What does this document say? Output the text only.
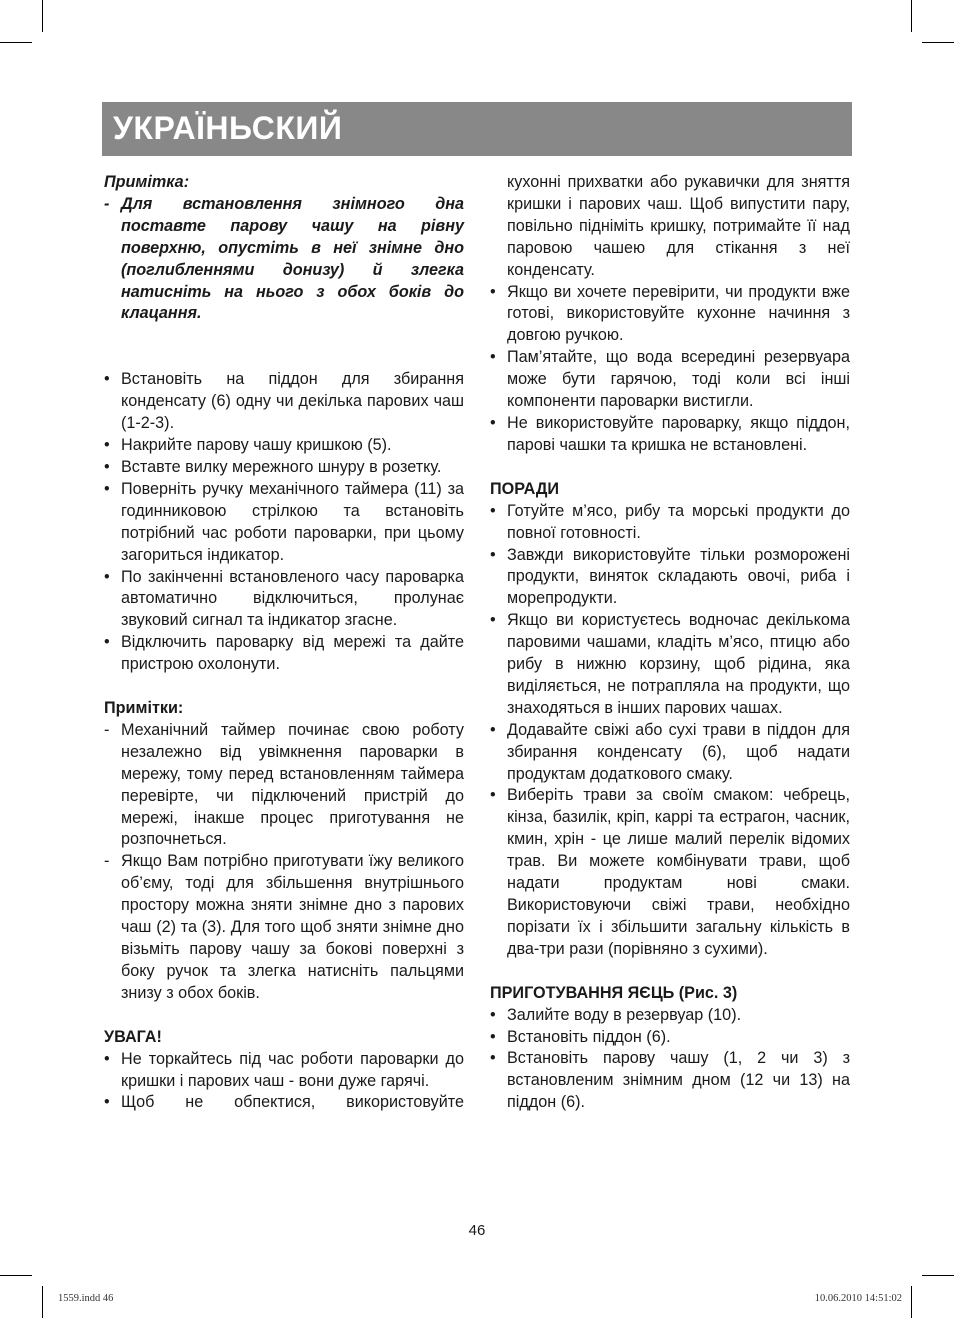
УКРАЇНЬСКИЙ

Примітка:

- Для встановлення знімного дна поставте парову чашу на рівну поверхню, опустіть в неї знімне дно (поглибленнями донизу) й злегка натисніть на нього з обох боків до клацання.
• Встановіть на піддон для збирання конденсату (6) одну чи декілька парових чаш (1-2-3).
• Накрийте парову чашу кришкою (5).
• Вставте вилку мережного шнуру в розетку.
• Поверніть ручку механічного таймера (11) за годинниковою стрілкою та встановіть потрібний час роботи пароварки, при цьому загориться індикатор.
• По закінченні встановленого часу пароварка автоматично відключиться, пролунає звуковий сигнал та індикатор згасне.
• Відключить пароварку від мережі та дайте пристрою охолонути.

Примітки:

- Механічний таймер починає свою роботу незалежно від увімкнення пароварки в мережу, тому перед встановленням таймера перевірте, чи підключений пристрій до мережі, інакше процес приготування не розпочнеться.
- Якщо Вам потрібно приготувати їжу великого об’єму, тоді для збільшення внутрішнього простору можна зняти знімне дно з парових чаш (2) та (3). Для того щоб зняти знімне дно візьміть парову чашу за бокові поверхні з боку ручок та злегка натисніть пальцями знизу з обох боків.

УВАГА!

• Не торкайтесь під час роботи пароварки до кришки і парових чаш - вони дуже гарячі.
• Щоб не обпектися, використовуйте
кухонні прихватки або рукавички для зняття кришки і парових чаш. Щоб випустити пару, повільно підніміть кришку, потримайте її над паровою чашею для стікання з неї конденсату.
• Якщо ви хочете перевірити, чи продукти вже готові, використовуйте кухонне начиння з довгою ручкою.
• Пам’ятайте, що вода всередині резервуара може бути гарячою, тоді коли всі інші компоненти пароварки вистигли.
• Не використовуйте пароварку, якщо піддон, парові чашки та кришка не встановлені.

ПОРАДИ

• Готуйте м’ясо, рибу та морські продукти до повної готовності.
• Завжди використовуйте тільки розморожені продукти, виняток складають овочі, риба і морепродукти.
• Якщо ви користуєтесь водночас декількома паровими чашами, кладіть м’ясо, птицю або рибу в нижню корзину, щоб рідина, яка виділяється, не потрапляла на продукти, що знаходяться в інших парових чашах.
• Додавайте свіжі або сухі трави в піддон для збирання конденсату (6), щоб надати продуктам додаткового смаку.
• Виберіть трави за своїм смаком: чебрець, кінза, базилік, кріп, каррі та естрагон, часник, кмин, хрін - це лише малий перелік відомих трав. Ви можете комбінувати трави, щоб надати продуктам нові смаки. Використовуючи свіжі трави, необхідно порізати їх і збільшити загальну кількість в два-три рази (порівняно з сухими).

ПРИГОТУВАННЯ ЯЄЦЬ (Рис. 3)

• Залийте воду в резервуар (10).
• Встановіть піддон (6).
• Встановіть парову чашу (1, 2 чи 3) з встановленим знімним дном (12 чи 13) на піддон (6).
46
1559.indd 46	10.06.2010 14:51:02
